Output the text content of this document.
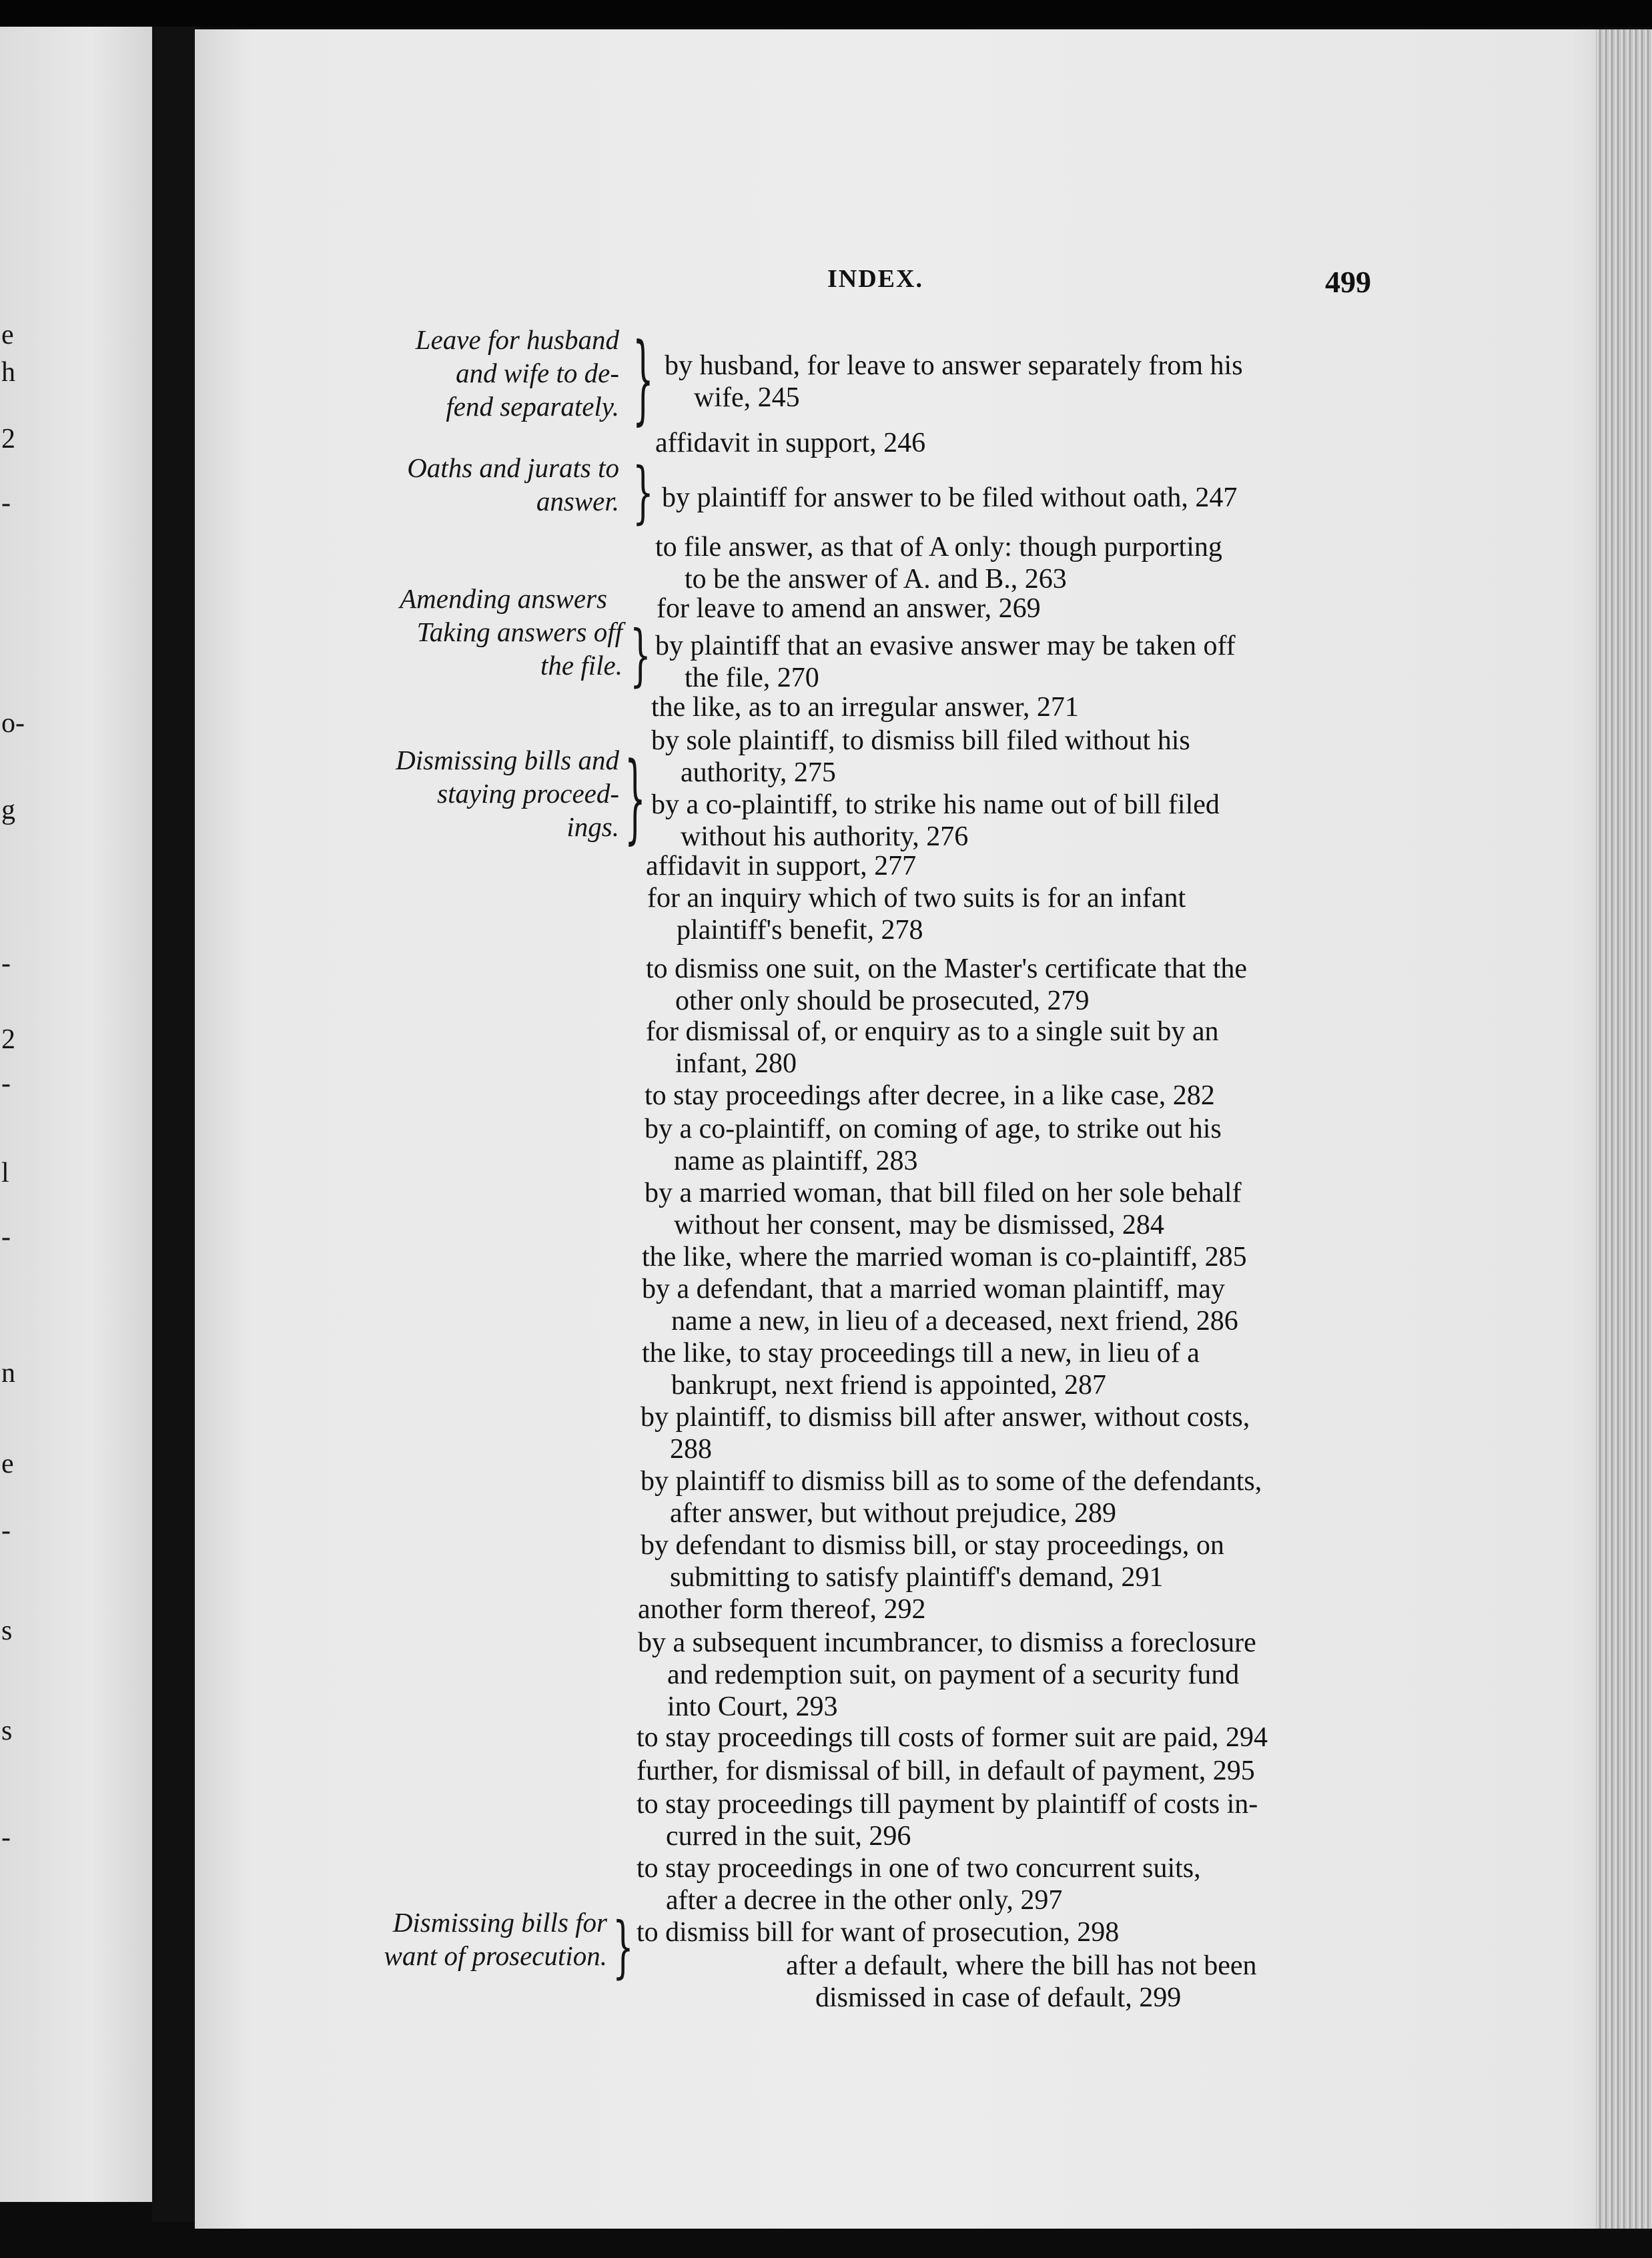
e
h
2
-
o-
g
-
2
-
l
-
n
e
-
s
s
-
INDEX.	499
Leave for husband
and wife to de-
fend separately. }
Oaths and jurats to
answer. }
Amending answers
Taking answers off
the file. }
Dismissing bills and
staying proceed-
ings. }
Dismissing bills for
want of prosecution. }
by husband, for leave to answer separately from his
wife, 245
affidavit in support, 246
by plaintiff for answer to be filed without oath, 247
to file answer, as that of A only: though purporting
to be the answer of A. and B., 263
for leave to amend an answer, 269
by plaintiff that an evasive answer may be taken off
the file, 270
the like, as to an irregular answer, 271
by sole plaintiff, to dismiss bill filed without his
authority, 275
by a co-plaintiff, to strike his name out of bill filed
without his authority, 276
affidavit in support, 277
for an inquiry which of two suits is for an infant
plaintiff's benefit, 278
to dismiss one suit, on the Master's certificate that the
other only should be prosecuted, 279
for dismissal of, or enquiry as to a single suit by an
infant, 280
to stay proceedings after decree, in a like case, 282
by a co-plaintiff, on coming of age, to strike out his
name as plaintiff, 283
by a married woman, that bill filed on her sole behalf
without her consent, may be dismissed, 284
the like, where the married woman is co-plaintiff, 285
by a defendant, that a married woman plaintiff, may
name a new, in lieu of a deceased, next friend, 286
the like, to stay proceedings till a new, in lieu of a
bankrupt, next friend is appointed, 287
by plaintiff, to dismiss bill after answer, without costs,
288
by plaintiff to dismiss bill as to some of the defendants,
after answer, but without prejudice, 289
by defendant to dismiss bill, or stay proceedings, on
submitting to satisfy plaintiff's demand, 291
another form thereof, 292
by a subsequent incumbrancer, to dismiss a foreclosure
and redemption suit, on payment of a security fund
into Court, 293
to stay proceedings till costs of former suit are paid, 294
further, for dismissal of bill, in default of payment, 295
to stay proceedings till payment by plaintiff of costs in-
curred in the suit, 296
to stay proceedings in one of two concurrent suits,
after a decree in the other only, 297
to dismiss bill for want of prosecution, 298
after a default, where the bill has not been
dismissed in case of default, 299
